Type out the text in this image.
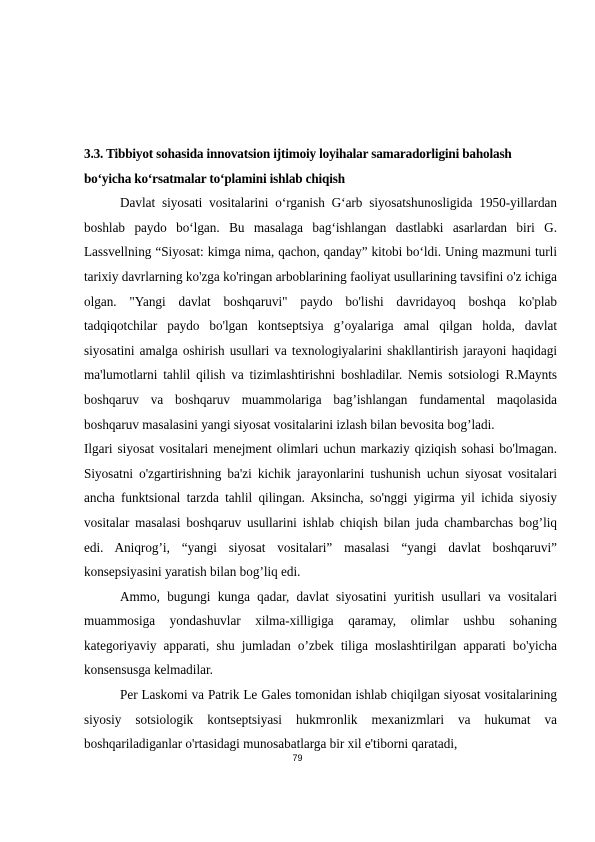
3.3. Tibbiyot sohasida innovatsion ijtimoiy loyihalar samaradorligini baholash
bo‘yicha ko‘rsatmalar to‘plamini ishlab chiqish

Davlat siyosati vositalarini o‘rganish G‘arb siyosatshunosligida 1950-yillardan boshlab paydo bo‘lgan. Bu masalaga bag‘ishlangan dastlabki asarlardan biri G. Lassvellning “Siyosat: kimga nima, qachon, qanday” kitobi bo‘ldi. Uning mazmuni turli tarixiy davrlarning ko'zga ko'ringan arboblarining faoliyat usullarining tavsifini o'z ichiga olgan. "Yangi davlat boshqaruvi" paydo bo'lishi davridayoq boshqa ko'plab tadqiqotchilar paydo bo'lgan kontseptsiya g’oyalariga amal qilgan holda, davlat siyosatini amalga oshirish usullari va texnologiyalarini shakllantirish jarayoni haqidagi ma'lumotlarni tahlil qilish va tizimlashtirishni boshladilar. Nemis sotsiologi R.Maynts boshqaruv va boshqaruv muammolariga bag’ishlangan fundamental maqolasida boshqaruv masalasini yangi siyosat vositalarini izlash bilan bevosita bog’ladi.

Ilgari siyosat vositalari menejment olimlari uchun markaziy qiziqish sohasi bo'lmagan. Siyosatni o'zgartirishning ba'zi kichik jarayonlarini tushunish uchun siyosat vositalari ancha funktsional tarzda tahlil qilingan. Aksincha, so'nggi yigirma yil ichida siyosiy vositalar masalasi boshqaruv usullarini ishlab chiqish bilan juda chambarchas bog’liq edi. Aniqrog’i, “yangi siyosat vositalari” masalasi “yangi davlat boshqaruvi” konsepsiyasini yaratish bilan bog’liq edi.

Ammo, bugungi kunga qadar, davlat siyosatini yuritish usullari va vositalari muammosiga yondashuvlar xilma-xilligiga qaramay, olimlar ushbu sohaning kategoriyaviy apparati, shu jumladan o’zbek tiliga moslashtirilgan apparati bo'yicha konsensusga kelmadilar.

Per Laskomi va Patrik Le Gales tomonidan ishlab chiqilgan siyosat vositalarining siyosiy sotsiologik kontseptsiyasi hukmronlik mexanizmlari va hukumat va boshqariladiganlar o'rtasidagi munosabatlarga bir xil e'tiborni qaratadi,

79
